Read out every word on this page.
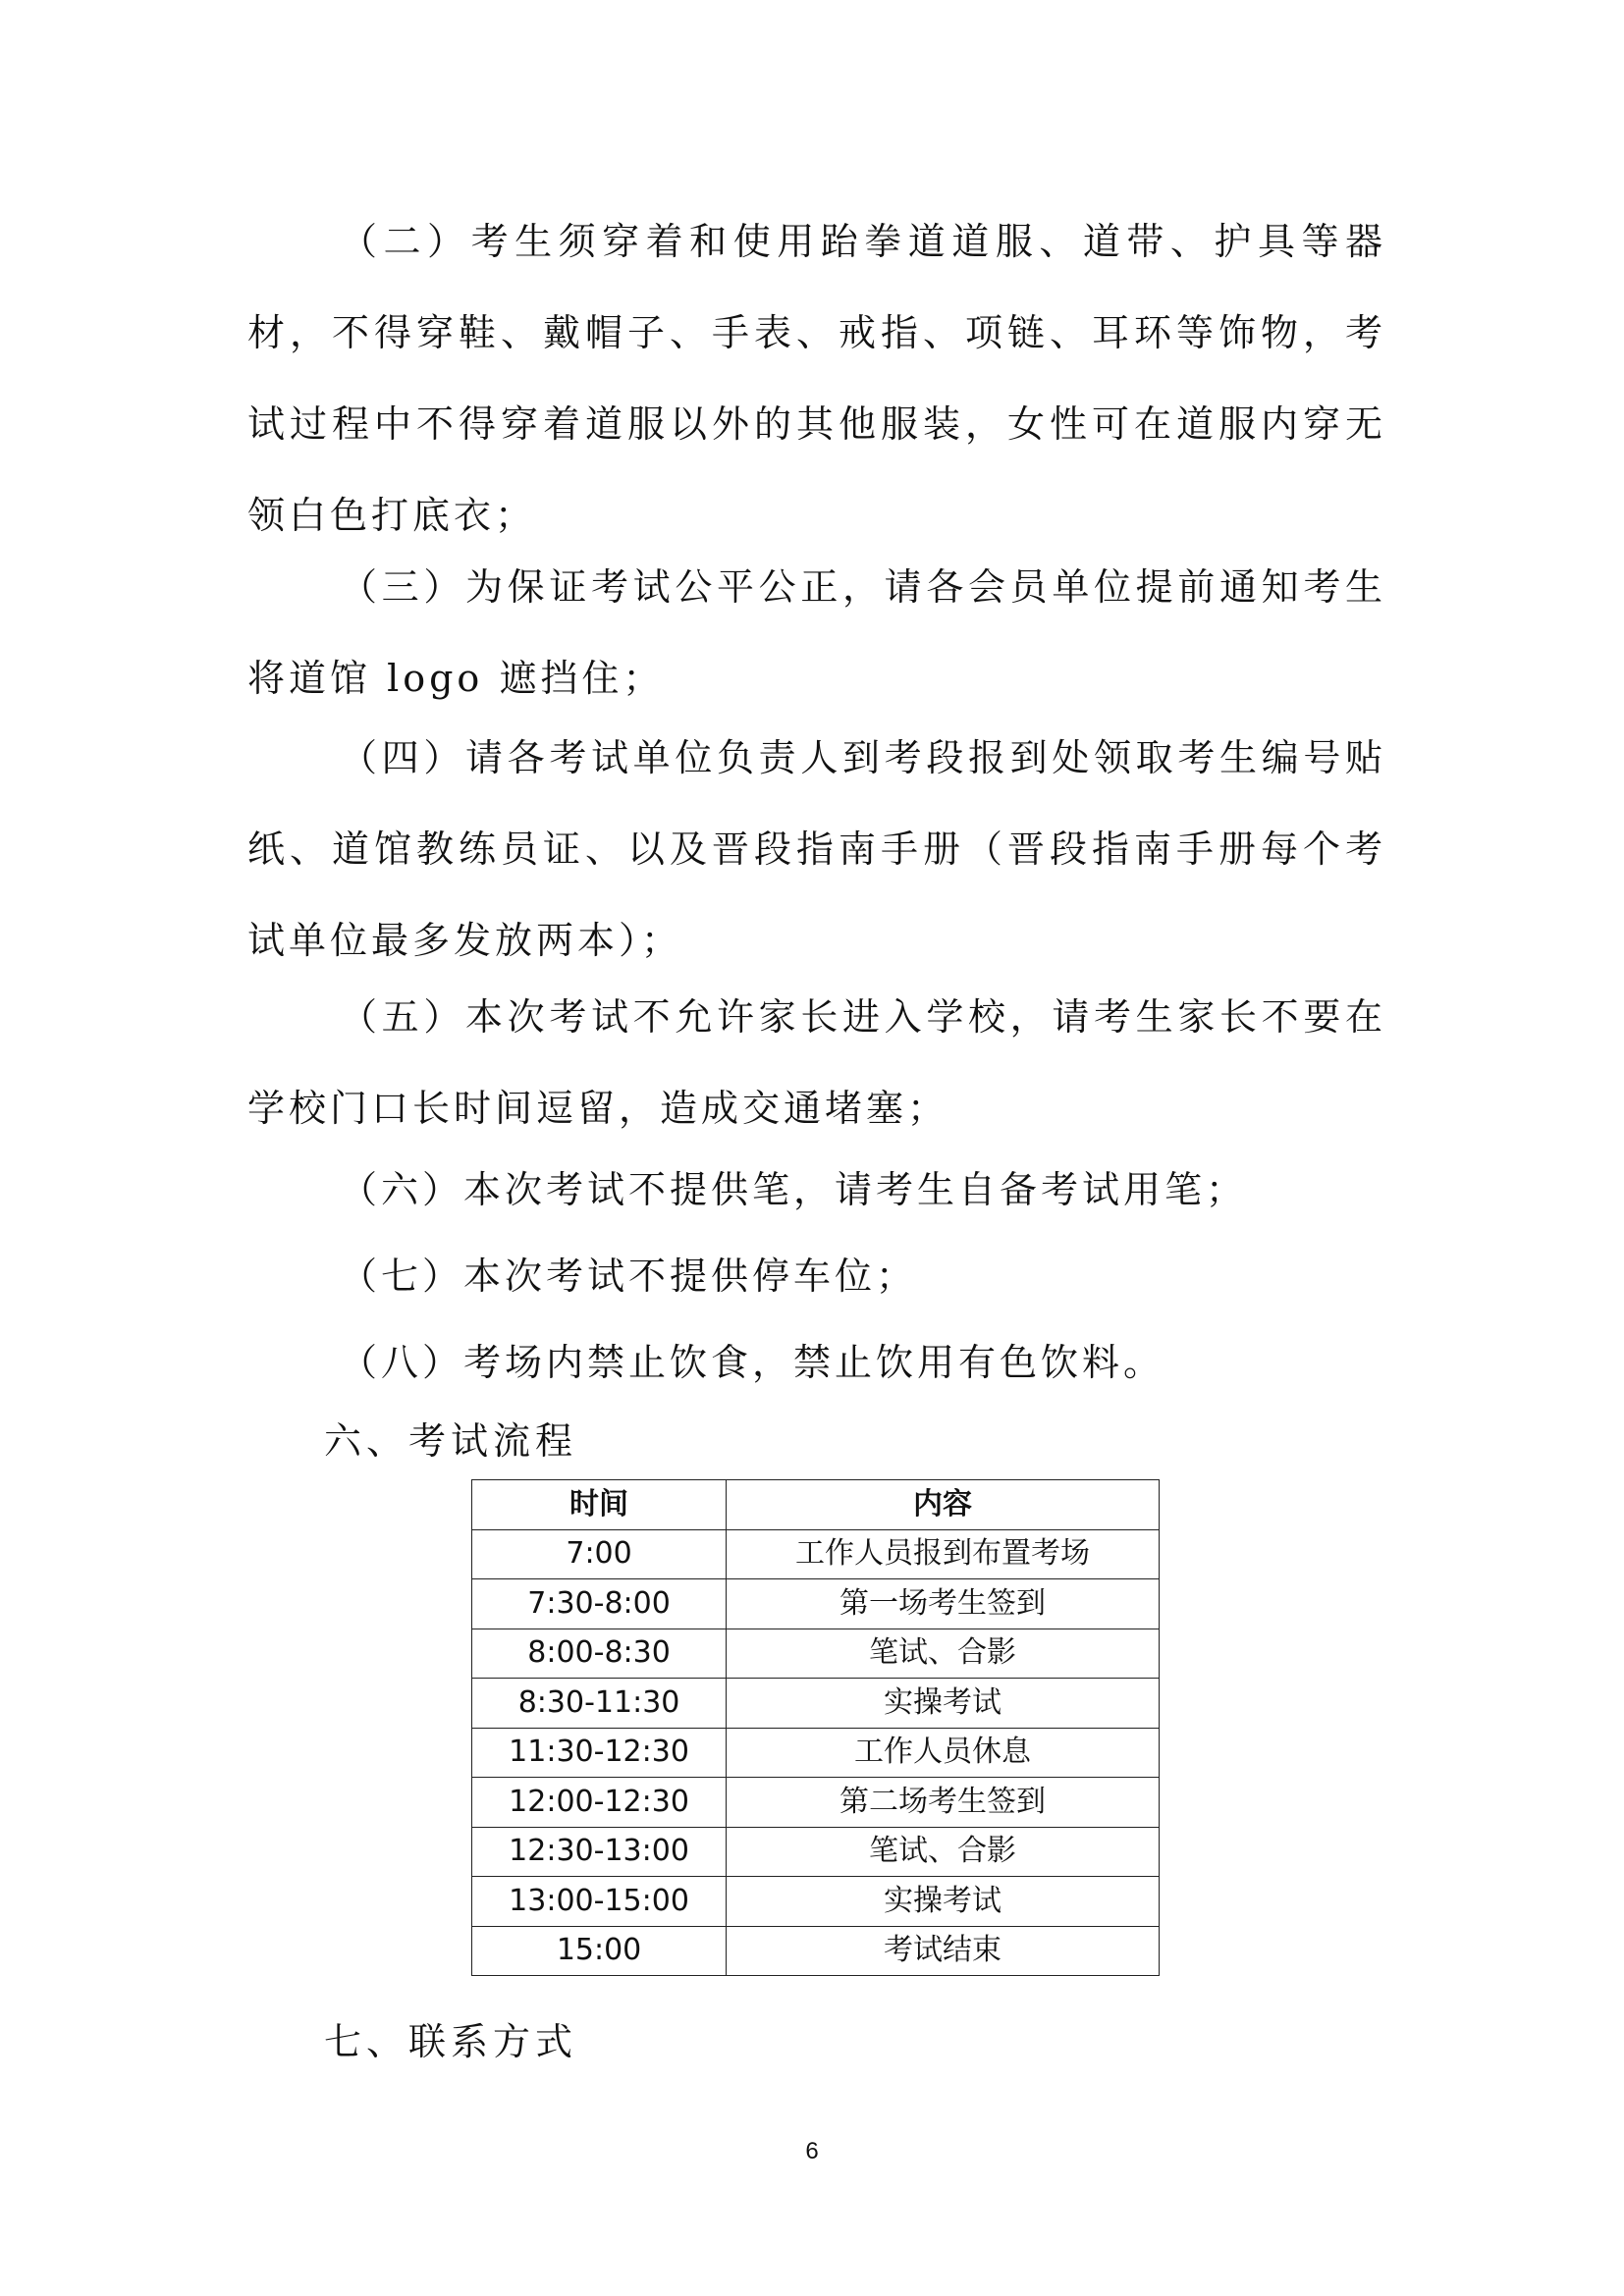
（二）考生须穿着和使用跆拳道道服、道带、护具等器材，不得穿鞋、戴帽子、手表、戒指、项链、耳环等饰物，考试过程中不得穿着道服以外的其他服装，女性可在道服内穿无领白色打底衣；

（三）为保证考试公平公正，请各会员单位提前通知考生将道馆 logo 遮挡住；

（四）请各考试单位负责人到考段报到处领取考生编号贴纸、道馆教练员证、以及晋段指南手册（晋段指南手册每个考试单位最多发放两本）；

（五）本次考试不允许家长进入学校，请考生家长不要在学校门口长时间逗留，造成交通堵塞；

（六）本次考试不提供笔，请考生自备考试用笔；

（七）本次考试不提供停车位；

（八）考场内禁止饮食，禁止饮用有色饮料。

六、考试流程
时间	内容
7:00	工作人员报到布置考场
7:30-8:00	第一场考生签到
8:00-8:30	笔试、合影
8:30-11:30	实操考试
11:30-12:30	工作人员休息
12:00-12:30	第二场考生签到
12:30-13:00	笔试、合影
13:00-15:00	实操考试
15:00	考试结束
七、联系方式
6
